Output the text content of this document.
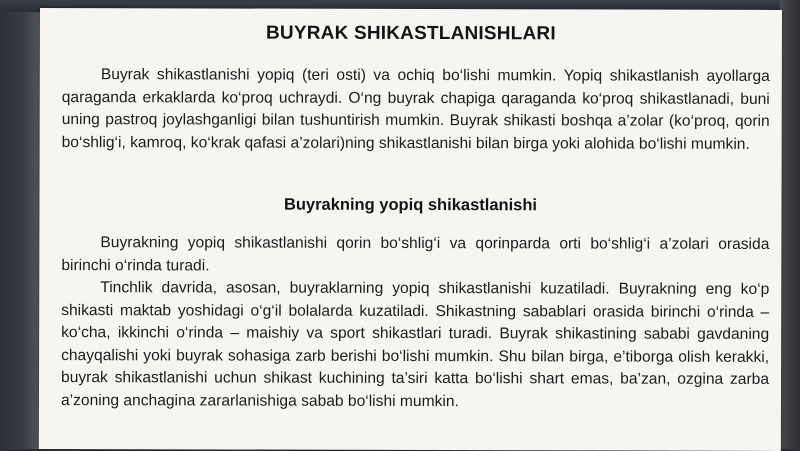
BUYRAK SHIKASTLANISHLARI

Buyrak shikastlanishi yopiq (teri osti) va ochiq bo‘lishi mumkin. Yopiq shikastlanish ayollarga qaraganda erkaklarda ko‘proq uchraydi. O‘ng buyrak chapiga qaraganda ko‘proq shikastlanadi, buni uning pastroq joylashganligi bilan tushuntirish mumkin. Buyrak shikasti boshqa a’zolar (ko‘proq, qorin bo‘shlig‘i, kamroq, ko‘krak qafasi a’zolari)ning shikastlanishi bilan birga yoki alohida bo‘lishi mumkin.

Buyrakning yopiq shikastlanishi

Buyrakning yopiq shikastlanishi qorin bo‘shlig‘i va qorinparda orti bo‘shlig‘i a’zolari orasida birinchi o‘rinda turadi.

Tinchlik davrida, asosan, buyraklarning yopiq shikastlanishi kuzatiladi. Buyrakning eng ko‘p shikasti maktab yoshidagi o‘g‘il bolalarda kuzatiladi. Shikastning sabablari orasida birinchi o‘rinda – ko‘cha, ikkinchi o‘rinda – maishiy va sport shikastlari turadi. Buyrak shikastining sababi gavdaning chayqalishi yoki buyrak sohasiga zarb berishi bo‘lishi mumkin. Shu bilan birga, e’tiborga olish kerakki, buyrak shikastlanishi uchun shikast kuchining ta’siri katta bo‘lishi shart emas, ba’zan, ozgina zarba a’zoning anchagina zararlanishiga sabab bo‘lishi mumkin.
